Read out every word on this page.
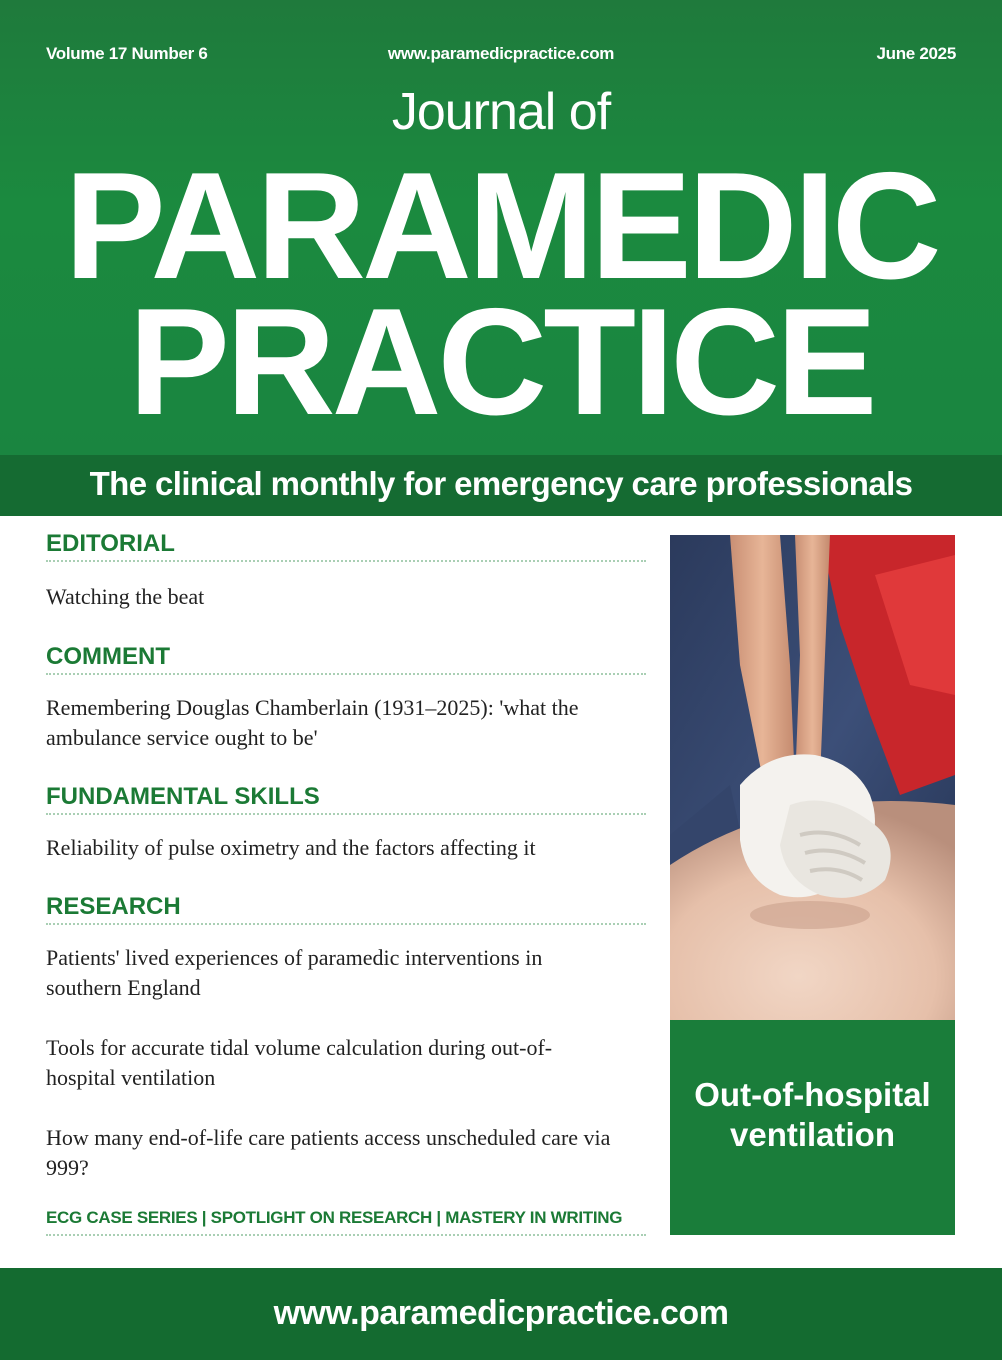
Volume 17 Number 6	www.paramedicpractice.com	June 2025
Journal of
PARAMEDIC
PRACTICE
The clinical monthly for emergency care professionals
EDITORIAL
Watching the beat
COMMENT
Remembering Douglas Chamberlain (1931–2025): 'what the ambulance service ought to be'
FUNDAMENTAL SKILLS
Reliability of pulse oximetry and the factors affecting it
RESEARCH
Patients' lived experiences of paramedic interventions in southern England
Tools for accurate tidal volume calculation during out-of-hospital ventilation
How many end-of-life care patients access unscheduled care via 999?
ECG CASE SERIES | SPOTLIGHT ON RESEARCH | MASTERY IN WRITING
Out-of-hospital ventilation
www.paramedicpractice.com
